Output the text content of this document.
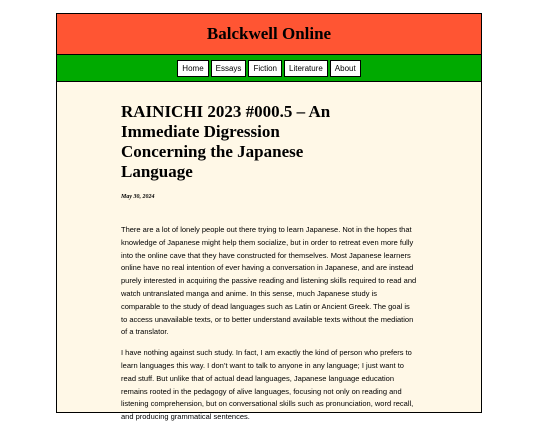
Balckwell Online
Home	Essays	Fiction	Literature	About
RAINICHI 2023 #000.5 – An Immediate Digression Concerning the Japanese Language
May 30, 2024

There are a lot of lonely people out there trying to learn Japanese. Not in the hopes that knowledge of Japanese might help them socialize, but in order to retreat even more fully into the online cave that they have constructed for themselves. Most Japanese learners online have no real intention of ever having a conversation in Japanese, and are instead purely interested in acquiring the passive reading and listening skills required to read and watch untranslated manga and anime. In this sense, much Japanese study is comparable to the study of dead languages such as Latin or Ancient Greek. The goal is to access unavailable texts, or to better understand available texts without the mediation of a translator.

I have nothing against such study. In fact, I am exactly the kind of person who prefers to learn languages this way. I don’t want to talk to anyone in any language; I just want to read stuff. But unlike that of actual dead languages, Japanese language education remains rooted in the pedagogy of alive languages, focusing not only on reading and listening comprehension, but on conversational skills such as pronunciation, word recall, and producing grammatical sentences.
